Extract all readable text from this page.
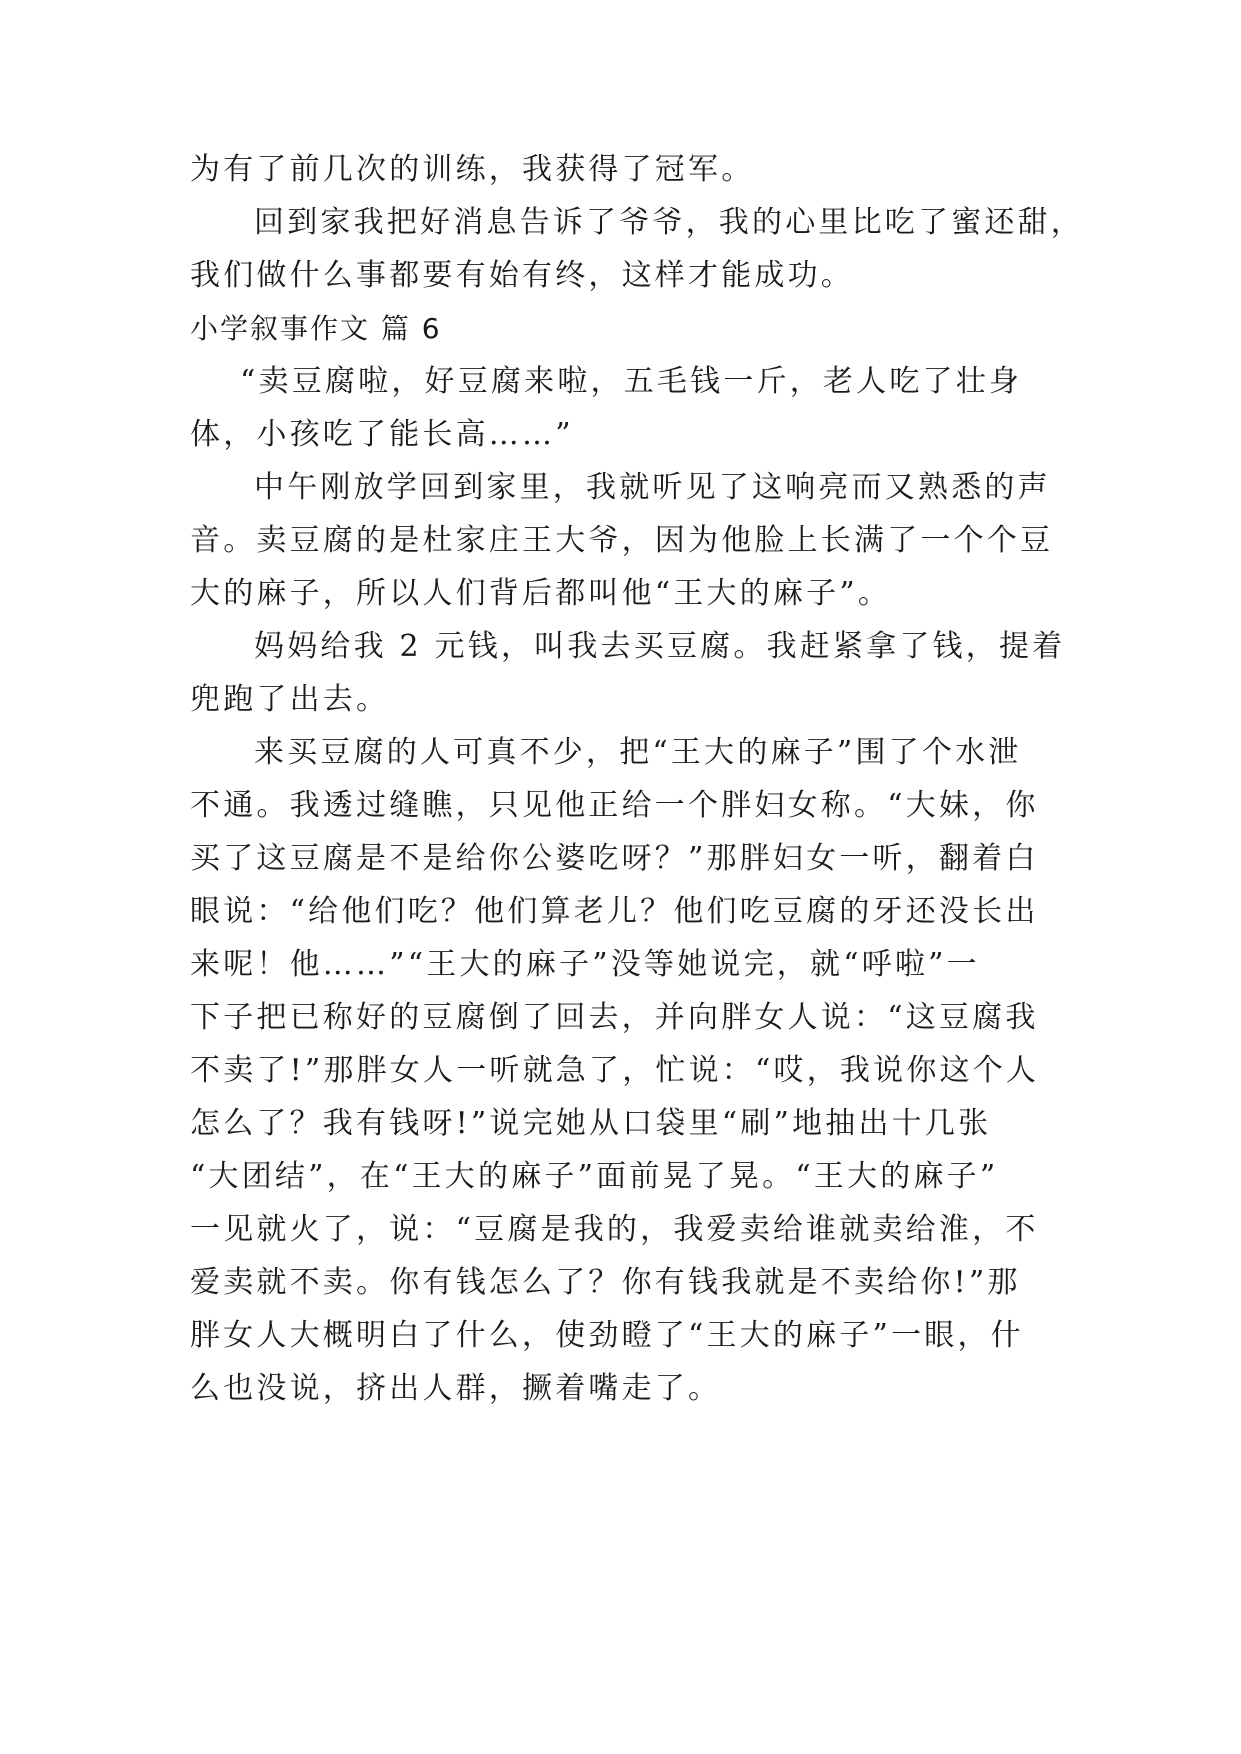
为有了前几次的训练，我获得了冠军。
回到家我把好消息告诉了爷爷，我的心里比吃了蜜还甜，
我们做什么事都要有始有终，这样才能成功。
小学叙事作文 篇 6
“卖豆腐啦，好豆腐来啦，五毛钱一斤，老人吃了壮身
体，小孩吃了能长高……”
中午刚放学回到家里，我就听见了这响亮而又熟悉的声
音。卖豆腐的是杜家庄王大爷，因为他脸上长满了一个个豆
大的麻子，所以人们背后都叫他“王大的麻子”。
妈妈给我 2 元钱，叫我去买豆腐。我赶紧拿了钱，提着
兜跑了出去。
来买豆腐的人可真不少，把“王大的麻子”围了个水泄
不通。我透过缝瞧，只见他正给一个胖妇女称。“大妹，你
买了这豆腐是不是给你公婆吃呀？”那胖妇女一听，翻着白
眼说：“给他们吃？他们算老儿？他们吃豆腐的牙还没长出
来呢！他……”“王大的麻子”没等她说完，就“呼啦”一
下子把已称好的豆腐倒了回去，并向胖女人说：“这豆腐我
不卖了!”那胖女人一听就急了，忙说：“哎，我说你这个人
怎么了？我有钱呀!”说完她从口袋里“刷”地抽出十几张
“大团结”，在“王大的麻子”面前晃了晃。“王大的麻子”
一见就火了，说：“豆腐是我的，我爱卖给谁就卖给淮，不
爱卖就不卖。你有钱怎么了？你有钱我就是不卖给你!”那
胖女人大概明白了什么，使劲瞪了“王大的麻子”一眼，什
么也没说，挤出人群，撅着嘴走了。
